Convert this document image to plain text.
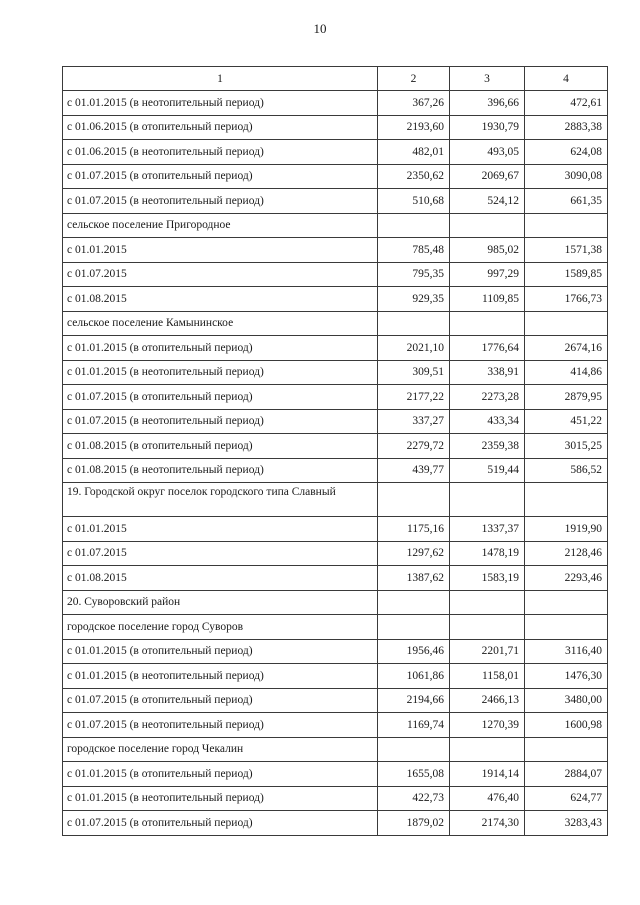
10
1	2	3	4
с 01.01.2015 (в неотопительный период)	367,26	396,66	472,61
с 01.06.2015 (в отопительный период)	2193,60	1930,79	2883,38
с 01.06.2015 (в неотопительный период)	482,01	493,05	624,08
с 01.07.2015 (в отопительный период)	2350,62	2069,67	3090,08
с 01.07.2015 (в неотопительный период)	510,68	524,12	661,35
сельское поселение Пригородное			
с 01.01.2015	785,48	985,02	1571,38
с 01.07.2015	795,35	997,29	1589,85
с 01.08.2015	929,35	1109,85	1766,73
сельское поселение Камынинское			
с 01.01.2015 (в отопительный период)	2021,10	1776,64	2674,16
с 01.01.2015 (в неотопительный период)	309,51	338,91	414,86
с 01.07.2015 (в отопительный период)	2177,22	2273,28	2879,95
с 01.07.2015 (в неотопительный период)	337,27	433,34	451,22
с 01.08.2015 (в отопительный период)	2279,72	2359,38	3015,25
с 01.08.2015 (в неотопительный период)	439,77	519,44	586,52
19. Городской округ поселок городского типа Славный			
с 01.01.2015	1175,16	1337,37	1919,90
с 01.07.2015	1297,62	1478,19	2128,46
с 01.08.2015	1387,62	1583,19	2293,46
20. Суворовский район			
городское поселение город Суворов			
с 01.01.2015 (в отопительный период)	1956,46	2201,71	3116,40
с 01.01.2015 (в неотопительный период)	1061,86	1158,01	1476,30
с 01.07.2015 (в отопительный период)	2194,66	2466,13	3480,00
с 01.07.2015 (в неотопительный период)	1169,74	1270,39	1600,98
городское поселение город Чекалин			
с 01.01.2015 (в отопительный период)	1655,08	1914,14	2884,07
с 01.01.2015 (в неотопительный период)	422,73	476,40	624,77
с 01.07.2015 (в отопительный период)	1879,02	2174,30	3283,43
